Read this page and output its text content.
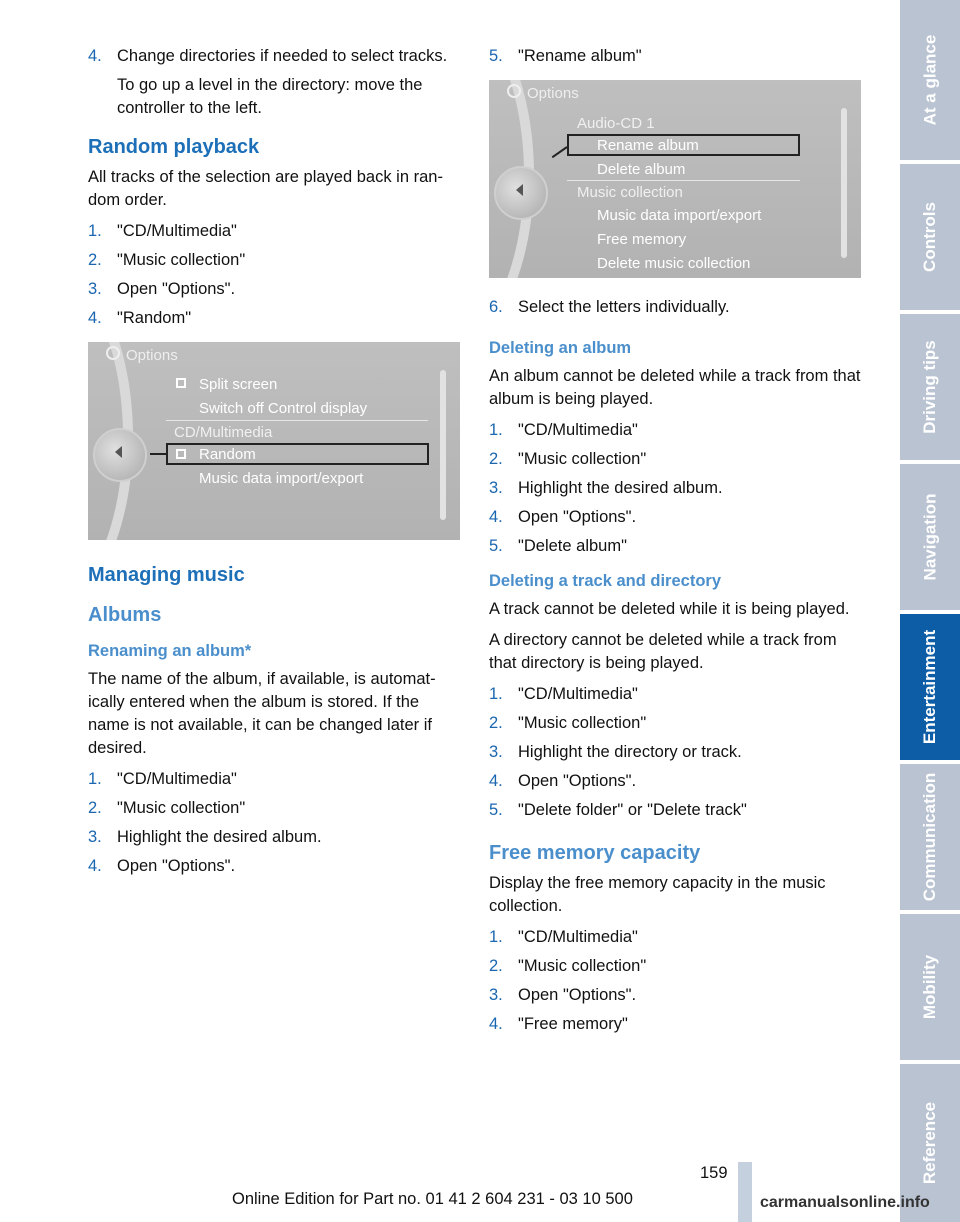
4. Change directories if needed to select tracks.
To go up a level in the directory: move the controller to the left.
Random playback

All tracks of the selection are played back in random order.

1. "CD/Multimedia"
2. "Music collection"
3. Open "Options".
4. "Random"
Options
Split screen
Switch off Control display
CD/Multimedia
Random
Music data import/export
Managing music
Albums
Renaming an album*

The name of the album, if available, is automatically entered when the album is stored. If the name is not available, it can be changed later if desired.

1. "CD/Multimedia"
2. "Music collection"
3. Highlight the desired album.
4. Open "Options".
5. "Rename album"
Options
Audio-CD 1
Rename album
Delete album
Music collection
Music data import/export
Free memory
Delete music collection
6. Select the letters individually.
Deleting an album

An album cannot be deleted while a track from that album is being played.

1. "CD/Multimedia"
2. "Music collection"
3. Highlight the desired album.
4. Open "Options".
5. "Delete album"
Deleting a track and directory

A track cannot be deleted while it is being played.

A directory cannot be deleted while a track from that directory is being played.

1. "CD/Multimedia"
2. "Music collection"
3. Highlight the directory or track.
4. Open "Options".
5. "Delete folder" or "Delete track"
Free memory capacity

Display the free memory capacity in the music collection.

1. "CD/Multimedia"
2. "Music collection"
3. Open "Options".
4. "Free memory"
At a glance
Controls
Driving tips
Navigation
Entertainment
Communication
Mobility
Reference
159
Online Edition for Part no. 01 41 2 604 231 - 03 10 500	carmanualsonline.info
